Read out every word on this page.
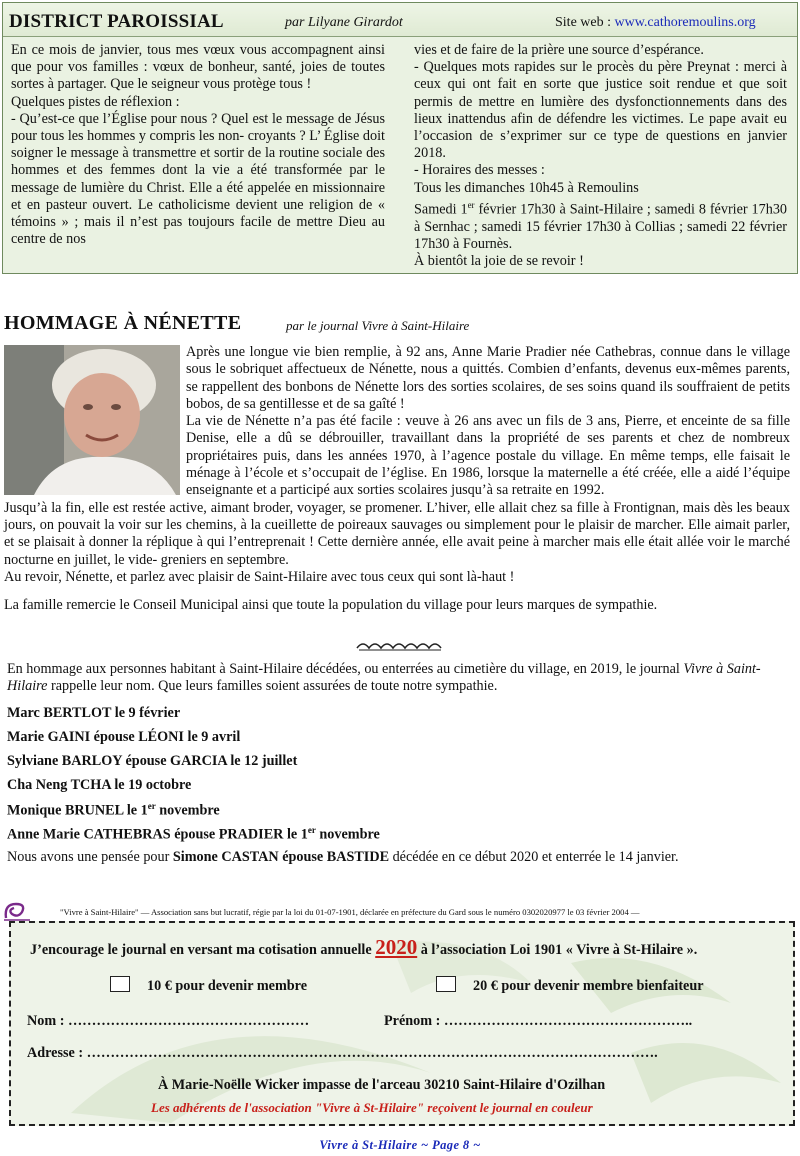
DISTRICT PAROISSIAL	par Lilyane Girardot	Site web : www.cathoremoulins.org

En ce mois de janvier, tous mes vœux vous accompagnent ainsi que pour vos familles : vœux de bonheur, santé, joies de toutes sortes à partager. Que le seigneur vous protège tous !

Quelques pistes de réflexion :

- Qu’est-ce que l’Église pour nous ? Quel est le message de Jésus pour tous les hommes y compris les non- croyants ? L’ Église doit soigner le message à transmettre et sortir de la routine sociale des hommes et des femmes dont la vie a été transformée par le message de lumière du Christ. Elle a été appelée en missionnaire et en pasteur ouvert. Le catholicisme devient une religion de « témoins » ; mais il n’est pas toujours facile de mettre Dieu au centre de nos

vies et de faire de la prière une source d’espérance.

- Quelques mots rapides sur le procès du père Preynat : merci à ceux qui ont fait en sorte que justice soit rendue et que soit permis de mettre en lumière des dysfonctionnements dans des lieux inattendus afin de défendre les victimes. Le pape avait eu l’occasion de s’exprimer sur ce type de questions en janvier 2018.

- Horaires des messes :

Tous les dimanches 10h45 à Remoulins

Samedi 1er février 17h30 à Saint-Hilaire ; samedi 8 février 17h30 à Sernhac ; samedi 15 février 17h30 à Collias ; samedi 22 février 17h30 à Fournès.

À bientôt la joie de se revoir !

HOMMAGE À NÉNETTE	par le journal Vivre à Saint-Hilaire

Après une longue vie bien remplie, à 92 ans, Anne Marie Pradier née Cathebras, connue dans le village sous le sobriquet affectueux de Nénette, nous a quittés. Combien d’enfants, devenus eux-mêmes parents, se rappellent des bonbons de Nénette lors des sorties scolaires, de ses soins quand ils souffraient de petits bobos, de sa gentillesse et de sa gaîté !

La vie de Nénette n’a pas été facile : veuve à 26 ans avec un fils de 3 ans, Pierre, et enceinte de sa fille Denise, elle a dû se débrouiller, travaillant dans la propriété de ses parents et chez de nombreux propriétaires puis, dans les années 1970, à l’agence postale du village. En même temps, elle faisait le ménage à l’école et s’occupait de l’église. En 1986, lorsque la maternelle a été créée, elle a aidé l’équipe enseignante et a participé aux sorties scolaires jusqu’à sa retraite en 1992.

Jusqu’à la fin, elle est restée active, aimant broder, voyager, se promener. L’hiver, elle allait chez sa fille à Frontignan, mais dès les beaux jours, on pouvait la voir sur les chemins, à la cueillette de poireaux sauvages ou simplement pour le plaisir de marcher. Elle aimait parler, et se plaisait à donner la réplique à qui l’entreprenait ! Cette dernière année, elle avait peine à marcher mais elle était allée voir le marché nocturne en juillet, le vide- greniers en septembre.

Au revoir, Nénette, et parlez avec plaisir de Saint-Hilaire avec tous ceux qui sont là-haut !

La famille remercie le Conseil Municipal ainsi que toute la population du village pour leurs marques de sympathie.
En hommage aux personnes habitant à Saint-Hilaire décédées, ou enterrées au cimetière du village, en 2019, le journal Vivre à Saint-Hilaire rappelle leur nom. Que leurs familles soient assurées de toute notre sympathie.
Marc BERTLOT le 9 février
Marie GAINI épouse LÉONI le 9 avril
Sylviane BARLOY épouse GARCIA le 12 juillet
Cha Neng TCHA le 19 octobre
Monique BRUNEL le 1er novembre
Anne Marie CATHEBRAS épouse PRADIER le 1er novembre
Nous avons une pensée pour Simone CASTAN épouse BASTIDE décédée en ce début 2020 et enterrée le 14 janvier.
"Vivre à Saint-Hilaire" — Association sans but lucratif, régie par la loi du 01-07-1901, déclarée en préfecture du Gard sous le numéro 0302020977 le 03 février 2004 —
J’encourage le journal en versant ma cotisation annuelle 2020 à l’association Loi 1901 « Vivre à St-Hilaire ».
10 € pour devenir membre	20 € pour devenir membre bienfaiteur
Nom : ……………………………………………	Prénom : ……………………………………………..
Adresse : ………………………………………………………………………………………………………….
À Marie-Noëlle Wicker impasse de l'arceau 30210 Saint-Hilaire d'Ozilhan
Les adhérents de l'association "Vivre à St-Hilaire" reçoivent le journal en couleur
Vivre à St-Hilaire ~ Page 8 ~
